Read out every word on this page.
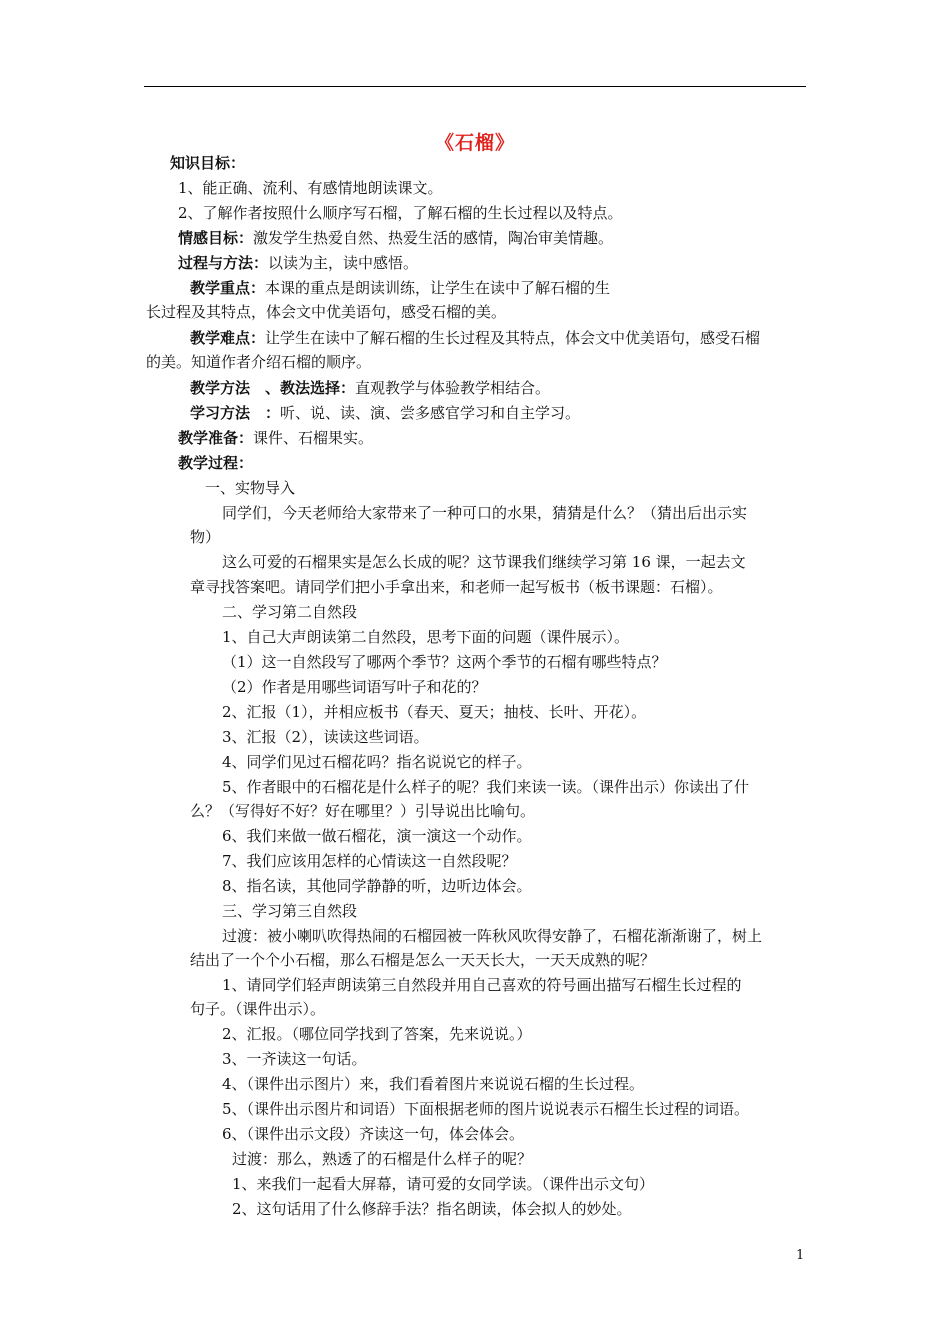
《石榴》
知识目标：
1、能正确、流利、有感情地朗读课文。
2、了解作者按照什么顺序写石榴，了解石榴的生长过程以及特点。
情感目标：激发学生热爱自然、热爱生活的感情，陶冶审美情趣。
过程与方法：以读为主，读中感悟。
教学重点：本课的重点是朗读训练，让学生在读中了解石榴的生
长过程及其特点，体会文中优美语句，感受石榴的美。
教学难点：让学生在读中了解石榴的生长过程及其特点，体会文中优美语句，感受石榴
的美。知道作者介绍石榴的顺序。
教学方法　、教法选择：直观教学与体验教学相结合。
学习方法　：听、说、读、演、尝多感官学习和自主学习。
教学准备：课件、石榴果实。
教学过程：
一、实物导入
同学们，今天老师给大家带来了一种可口的水果，猜猜是什么？（猜出后出示实
物）
这么可爱的石榴果实是怎么长成的呢？这节课我们继续学习第 16 课，一起去文
章寻找答案吧。请同学们把小手拿出来，和老师一起写板书（板书课题：石榴）。
二、学习第二自然段
1、自己大声朗读第二自然段，思考下面的问题（课件展示）。
（1）这一自然段写了哪两个季节？这两个季节的石榴有哪些特点？
（2）作者是用哪些词语写叶子和花的？
2、汇报（1），并相应板书（春天、夏天；抽枝、长叶、开花）。
3、汇报（2），读读这些词语。
4、同学们见过石榴花吗？指名说说它的样子。
5、作者眼中的石榴花是什么样子的呢？我们来读一读。（课件出示）你读出了什
么？（写得好不好？好在哪里？）引导说出比喻句。
6、我们来做一做石榴花，演一演这一个动作。
7、我们应该用怎样的心情读这一自然段呢？
8、指名读，其他同学静静的听，边听边体会。
三、学习第三自然段
过渡：被小喇叭吹得热闹的石榴园被一阵秋风吹得安静了，石榴花渐渐谢了，树上
结出了一个个小石榴，那么石榴是怎么一天天长大，一天天成熟的呢？
1、请同学们轻声朗读第三自然段并用自己喜欢的符号画出描写石榴生长过程的
句子。（课件出示）。
2、汇报。（哪位同学找到了答案，先来说说。）
3、一齐读这一句话。
4、（课件出示图片）来，我们看着图片来说说石榴的生长过程。
5、（课件出示图片和词语）下面根据老师的图片说说表示石榴生长过程的词语。
6、（课件出示文段）齐读这一句，体会体会。
过渡：那么，熟透了的石榴是什么样子的呢？
1、来我们一起看大屏幕，请可爱的女同学读。（课件出示文句）
2、这句话用了什么修辞手法？指名朗读，体会拟人的妙处。
1
